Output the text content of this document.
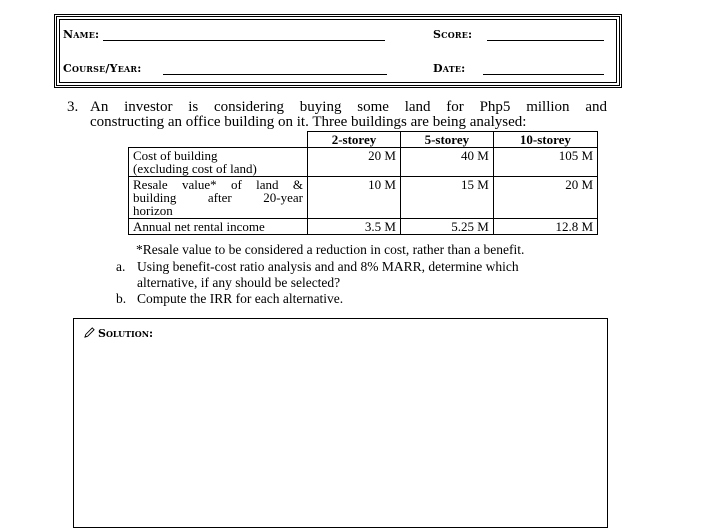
Name:	Score:
Course/Year:	Date:
3. An investor is considering buying some land for Php5 million and
constructing an office building on it. Three buildings are being analysed:
	2-storey	5-storey	10-storey

Cost of building
(excluding cost of land)	20 M	40 M	105 M

Resale value* of land &
building after 20-year
horizon	10 M	15 M	20 M

Annual net rental income	3.5 M	5.25 M	12.8 M
*Resale value to be considered a reduction in cost, rather than a benefit.
a. Using benefit-cost ratio analysis and and 8% MARR, determine which
alternative, if any should be selected?
b. Compute the IRR for each alternative.
Solution:
